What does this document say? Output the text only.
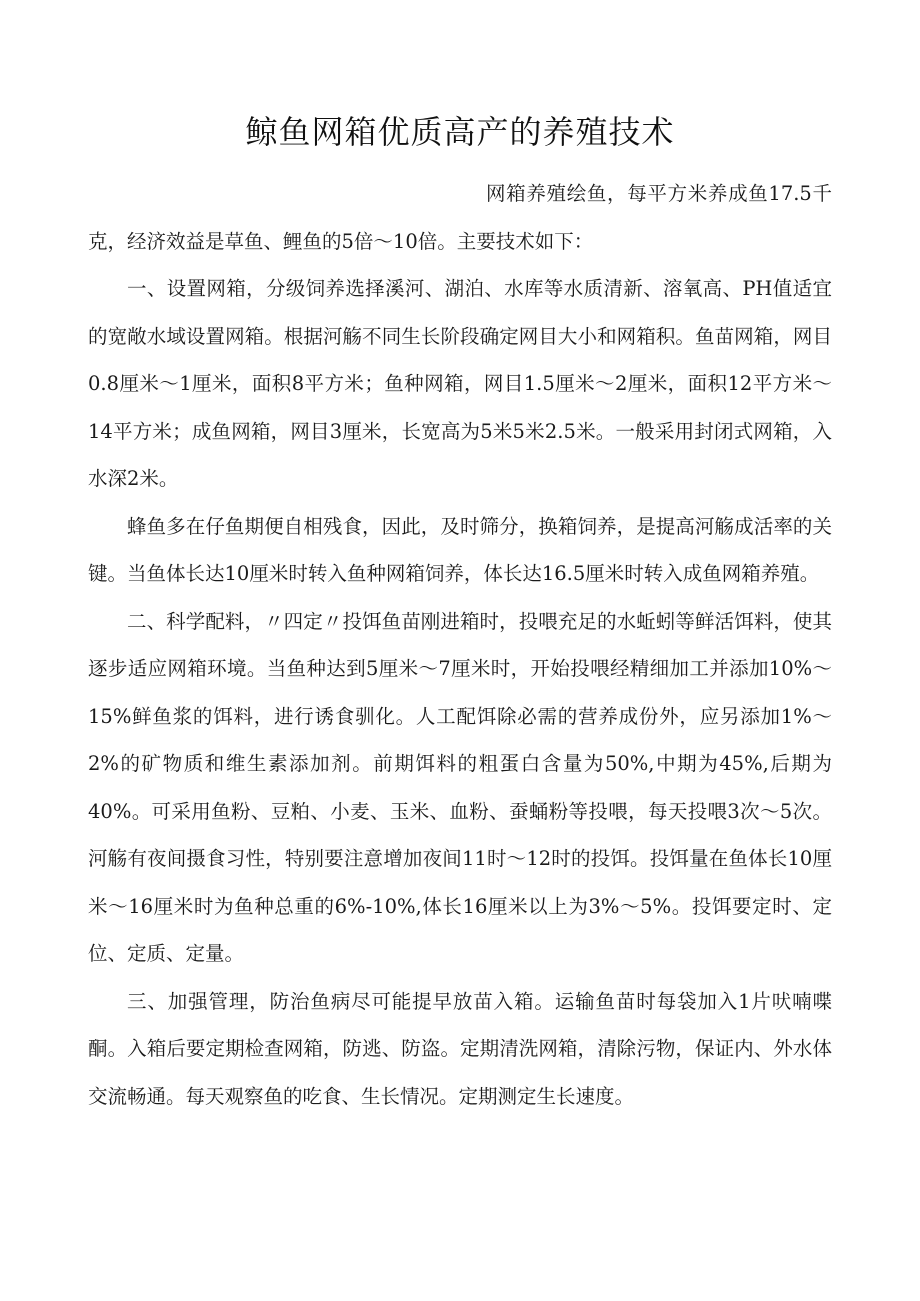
鲸鱼网箱优质高产的养殖技术

网箱养殖绘鱼，每平方米养成鱼17.5千克，经济效益是草鱼、鲤鱼的5倍～10倍。主要技术如下：

一、设置网箱，分级饲养选择溪河、湖泊、水库等水质清新、溶氧高、PH值适宜的宽敞水域设置网箱。根据河觞不同生长阶段确定网目大小和网箱积。鱼苗网箱，网目0.8厘米～1厘米，面积8平方米；鱼种网箱，网目1.5厘米～2厘米，面积12平方米～14平方米；成鱼网箱，网目3厘米，长宽高为5米5米2.5米。一般采用封闭式网箱，入水深2米。

蜂鱼多在仔鱼期便自相残食，因此，及时筛分，换箱饲养，是提高河觞成活率的关键。当鱼体长达10厘米时转入鱼种网箱饲养，体长达16.5厘米时转入成鱼网箱养殖。

二、科学配料，〃四定〃投饵鱼苗刚进箱时，投喂充足的水蚯蚓等鲜活饵料，使其逐步适应网箱环境。当鱼种达到5厘米～7厘米时，开始投喂经精细加工并添加10%～15%鲜鱼浆的饵料，进行诱食驯化。人工配饵除必需的营养成份外，应另添加1%～2%的矿物质和维生素添加剂。前期饵料的粗蛋白含量为50%,中期为45%,后期为40%。可采用鱼粉、豆粕、小麦、玉米、血粉、蚕蛹粉等投喂，每天投喂3次～5次。河觞有夜间摄食习性，特别要注意增加夜间11时～12时的投饵。投饵量在鱼体长10厘米～16厘米时为鱼种总重的6%-10%,体长16厘米以上为3%～5%。投饵要定时、定位、定质、定量。

三、加强管理，防治鱼病尽可能提早放苗入箱。运输鱼苗时每袋加入1片吠喃喋酮。入箱后要定期检查网箱，防逃、防盗。定期清洗网箱，清除污物，保证内、外水体交流畅通。每天观察鱼的吃食、生长情况。定期测定生长速度。
